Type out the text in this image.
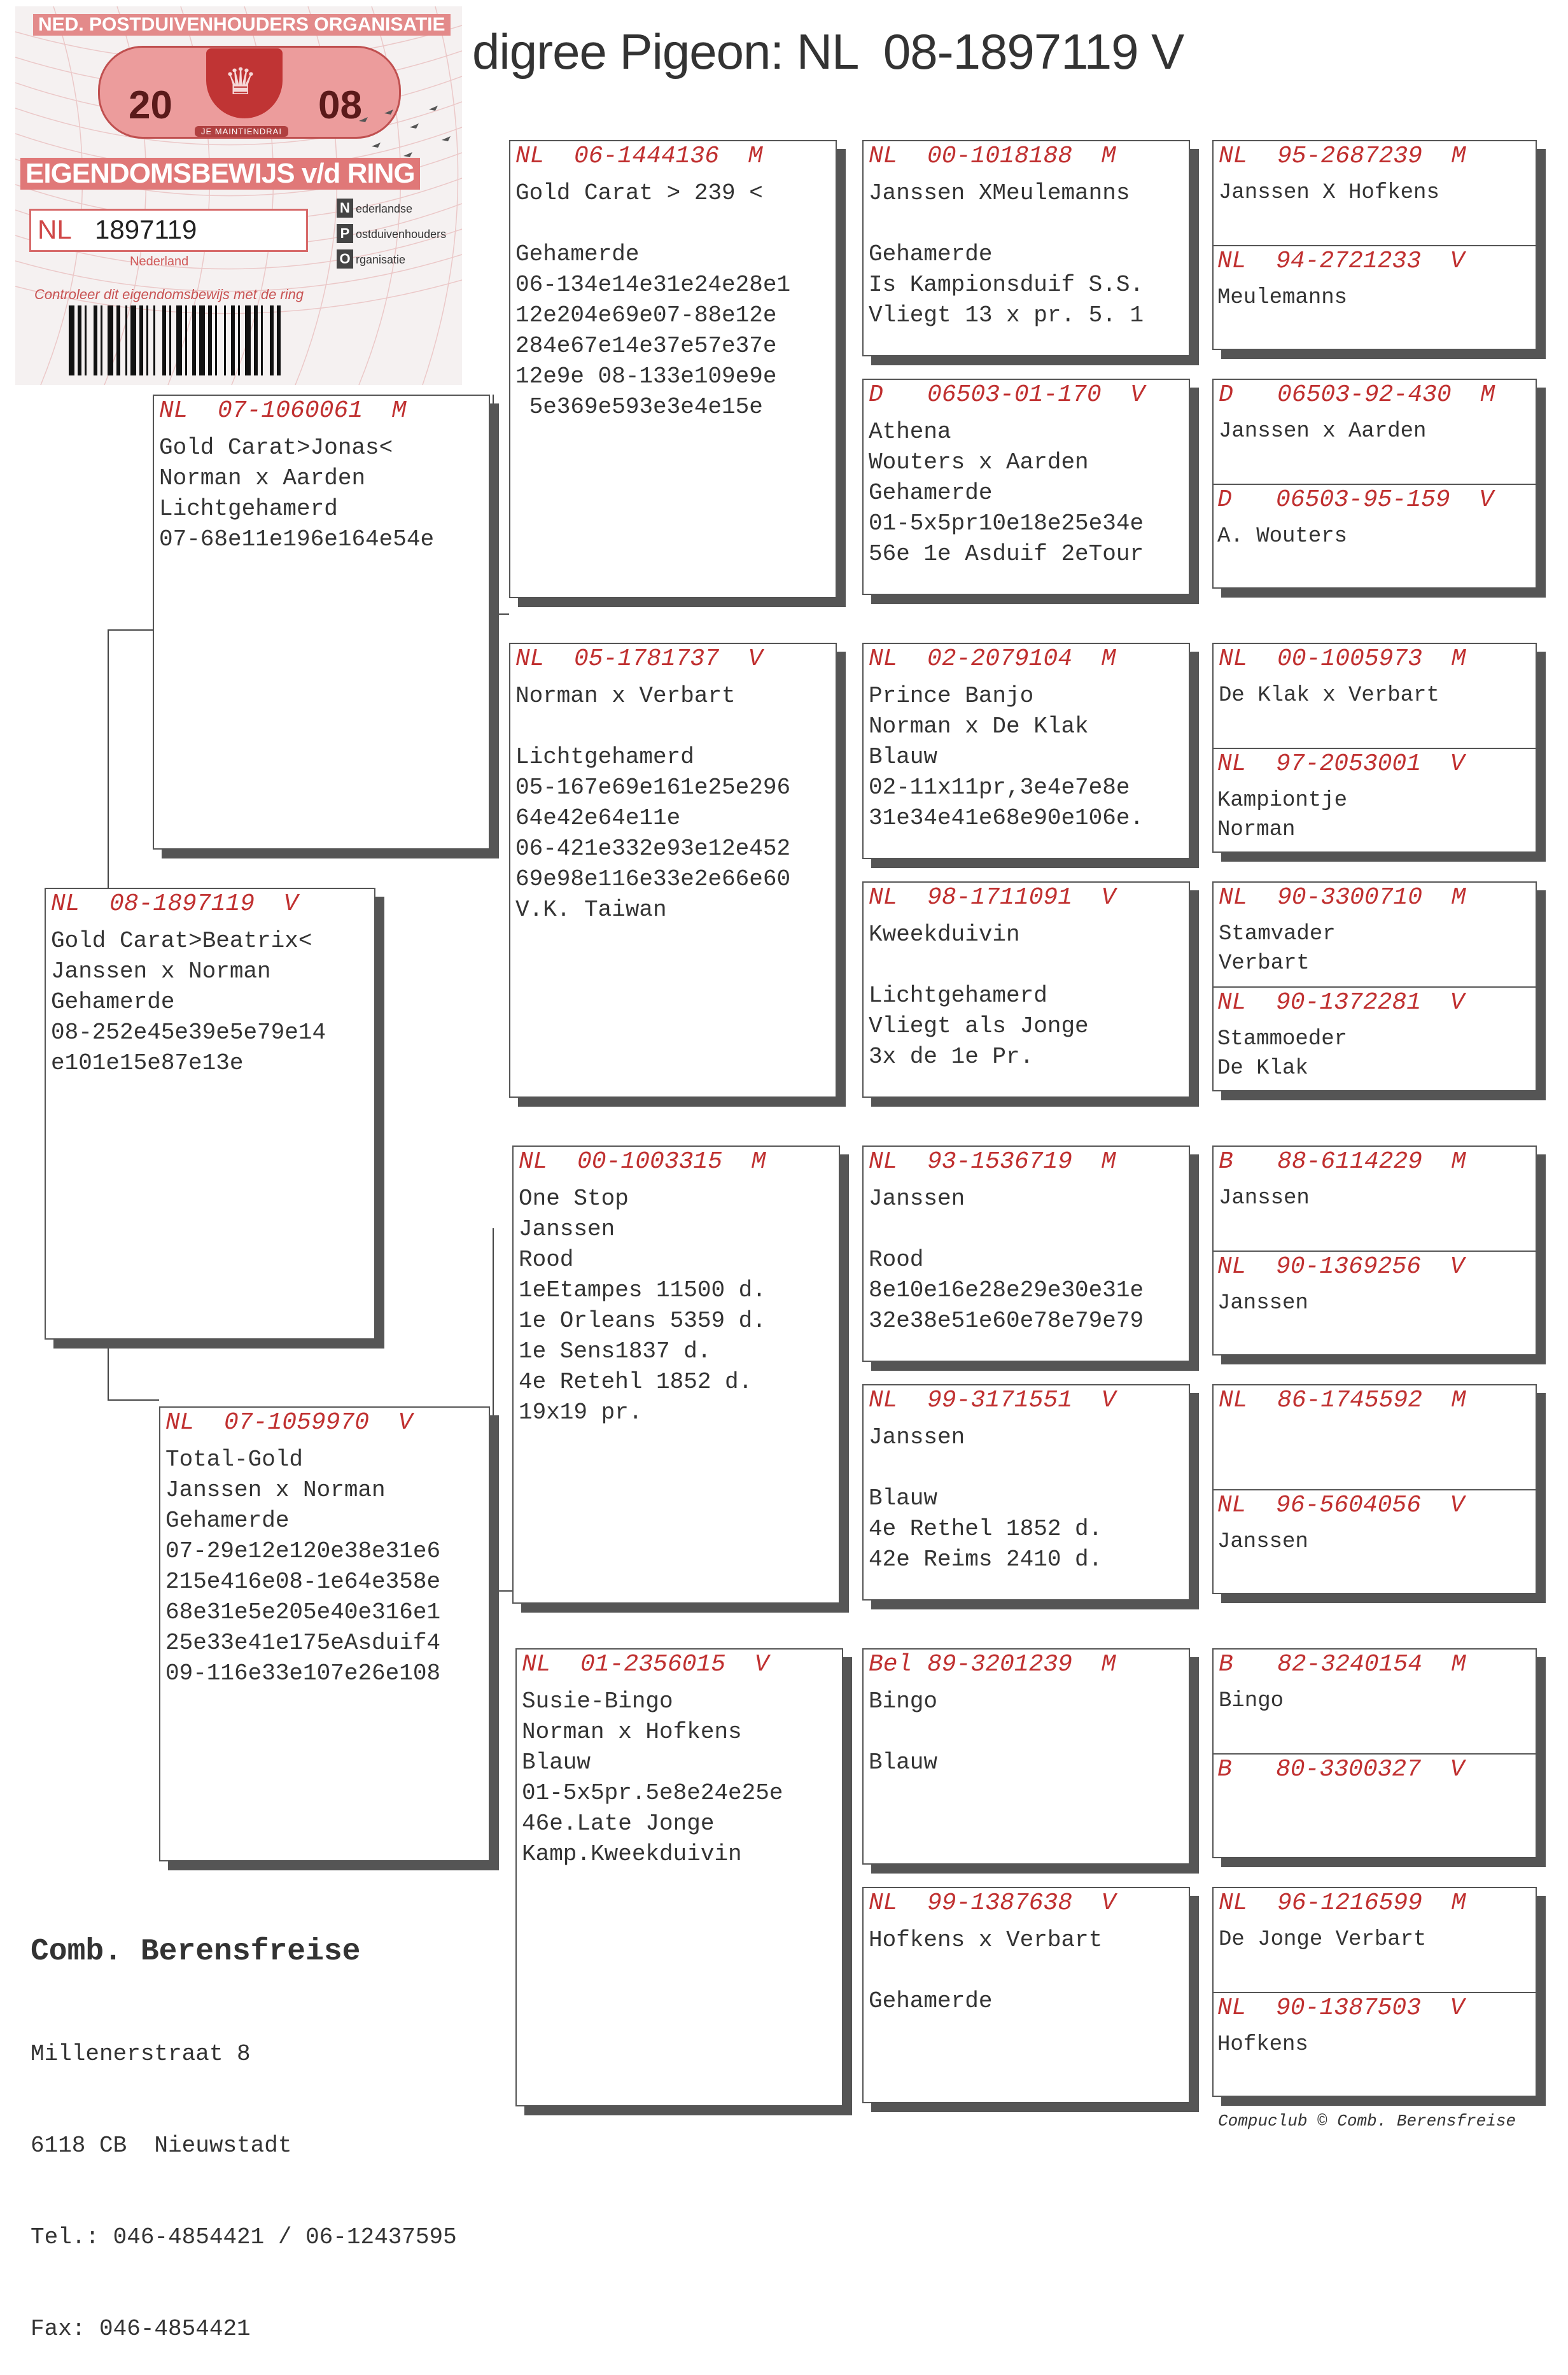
digree Pigeon: NL  08-1897119 V
NED. POSTDUIVENHOUDERS ORGANISATIE
♛
20	08
JE MAINTIENDRAI
EIGENDOMSBEWIJS v/d RING
NL 1897119
Nederland
N ederlandse
P ostduivenhouders
O rganisatie
Controleer dit eigendomsbewijs met de ring
NL 08-1897119 V
Gold Carat>Beatrix<
Janssen x Norman
Gehamerde
08-252e45e39e5e79e14
e101e15e87e13e
NL 07-1060061 M
Gold Carat>Jonas<
Norman x Aarden
Lichtgehamerd
07-68e11e196e164e54e
NL 07-1059970 V
Total-Gold
Janssen x Norman
Gehamerde
07-29e12e120e38e31e6
215e416e08-1e64e358e
68e31e5e205e40e316e1
25e33e41e175eAsduif4
09-116e33e107e26e108
NL 06-1444136 M
Gold Carat > 239 <
Gehamerde
06-134e14e31e24e28e1
12e204e69e07-88e12e
284e67e14e37e57e37e
12e9e 08-133e109e9e
5e369e593e3e4e15e
NL 05-1781737 V
Norman x Verbart
Lichtgehamerd
05-167e69e161e25e296
64e42e64e11e
06-421e332e93e12e452
69e98e116e33e2e66e60
V.K. Taiwan
NL 00-1003315 M
One Stop
Janssen
Rood
1eEtampes 11500 d.
1e Orleans 5359 d.
1e Sens1837 d.
4e Retehl 1852 d.
19x19 pr.
NL 01-2356015 V
Susie-Bingo
Norman x Hofkens
Blauw
01-5x5pr.5e8e24e25e
46e.Late Jonge
Kamp.Kweekduivin
NL 00-1018188 M
Janssen XMeulemanns
Gehamerde
Is Kampionsduif S.S.
Vliegt 13 x pr. 5. 1
D 06503-01-170 V
Athena
Wouters x Aarden
Gehamerde
01-5x5pr10e18e25e34e
56e 1e Asduif 2eTour
NL 02-2079104 M
Prince Banjo
Norman x De Klak
Blauw
02-11x11pr,3e4e7e8e
31e34e41e68e90e106e.
NL 98-1711091 V
Kweekduivin
Lichtgehamerd
Vliegt als Jonge
3x de 1e Pr.
NL 93-1536719 M
Janssen
Rood
8e10e16e28e29e30e31e
32e38e51e60e78e79e79
NL 99-3171551 V
Janssen
Blauw
4e Rethel 1852 d.
42e Reims 2410 d.
Bel 89-3201239 M
Bingo
Blauw
NL 99-1387638 V
Hofkens x Verbart
Gehamerde
NL 95-2687239 M
Janssen X Hofkens
NL 94-2721233 V
Meulemanns
D 06503-92-430 M
Janssen x Aarden
D 06503-95-159 V
A. Wouters
NL 00-1005973 M
De Klak x Verbart
NL 97-2053001 V
Kampiontje
Norman
NL 90-3300710 M
Stamvader
Verbart
NL 90-1372281 V
Stammoeder
De Klak
B 88-6114229 M
Janssen
NL 90-1369256 V
Janssen
NL 86-1745592 M
NL 96-5604056 V
Janssen
B 82-3240154 M
Bingo
B 80-3300327 V
NL 96-1216599 M
De Jonge Verbart
NL 90-1387503 V
Hofkens
Comb. Berensfreise

Millenerstraat 8

6118 CB  Nieuwstadt

Tel.: 046-4854421 / 06-12437595

Fax: 046-4854421

Compuclub © Comb. Berensfreise
